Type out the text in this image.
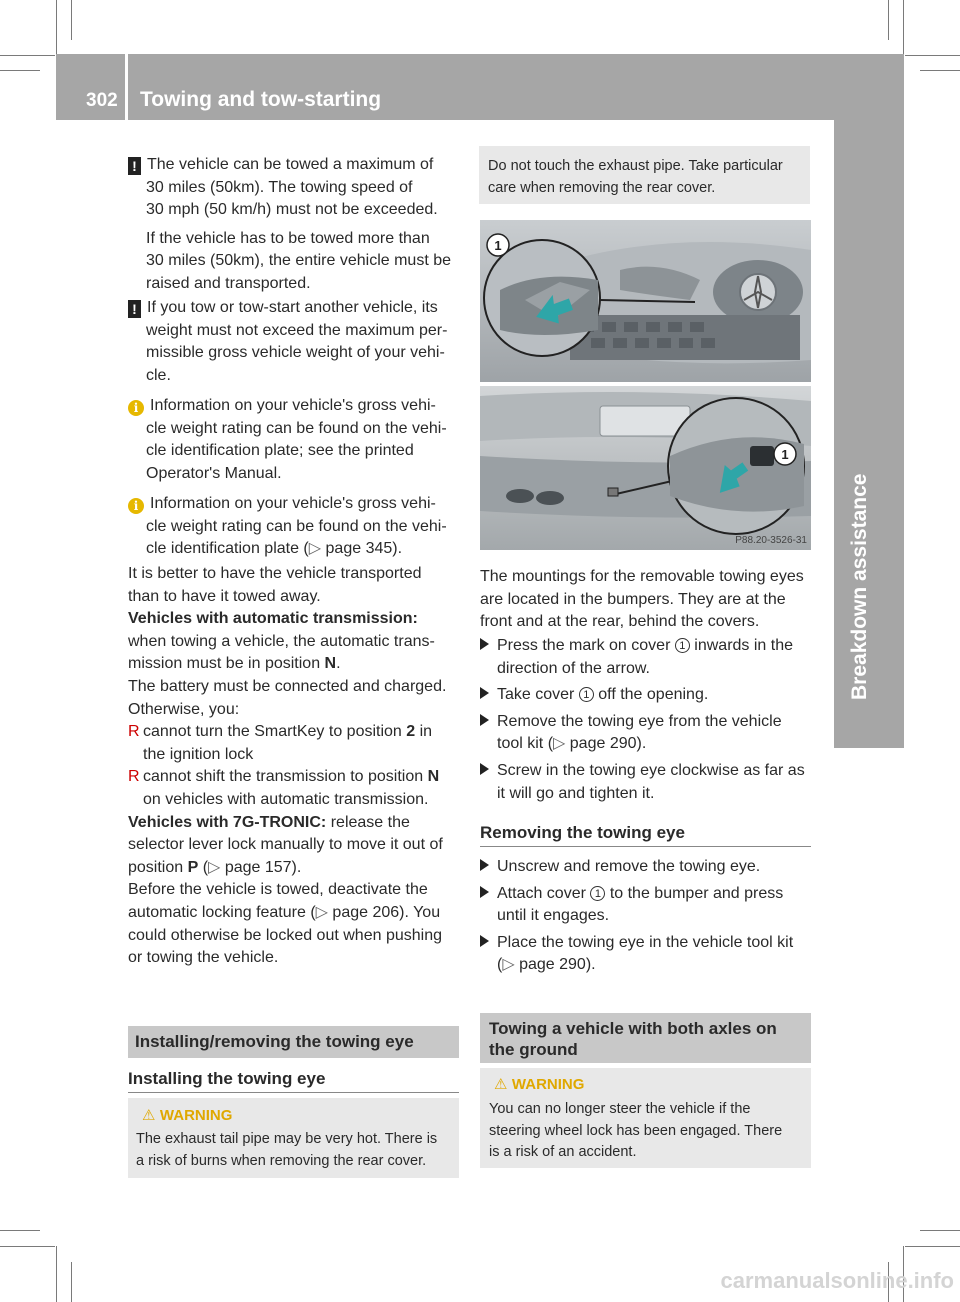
302 Towing and tow-starting
Breakdown assistance
! The vehicle can be towed a maximum of
30 miles (50km). The towing speed of
30 mph (50 km/h) must not be exceeded.
If the vehicle has to be towed more than
30 miles (50km), the entire vehicle must be
raised and transported.
! If you tow or tow-start another vehicle, its
weight must not exceed the maximum per-
missible gross vehicle weight of your vehi-
cle.
i Information on your vehicle's gross vehi-
cle weight rating can be found on the vehi-
cle identification plate; see the printed
Operator's Manual.
i Information on your vehicle's gross vehi-
cle weight rating can be found on the vehi-
cle identification plate (▷ page 345).
It is better to have the vehicle transported
than to have it towed away.
Vehicles with automatic transmission:
when towing a vehicle, the automatic trans-
mission must be in position N.
The battery must be connected and charged.
Otherwise, you:
R cannot turn the SmartKey to position 2 in
the ignition lock
R cannot shift the transmission to position N
on vehicles with automatic transmission.
Vehicles with 7G-TRONIC: release the
selector lever lock manually to move it out of
position P (▷ page 157).
Before the vehicle is towed, deactivate the
automatic locking feature (▷ page 206). You
could otherwise be locked out when pushing
or towing the vehicle.
Installing/removing the towing eye
Installing the towing eye
⚠ WARNING
The exhaust tail pipe may be very hot. There is
a risk of burns when removing the rear cover.
Do not touch the exhaust pipe. Take particular
care when removing the rear cover.
1
1
P88.20-3526-31
The mountings for the removable towing eyes
are located in the bumpers. They are at the
front and at the rear, behind the covers.
Press the mark on cover 1 inwards in the
direction of the arrow.
Take cover 1 off the opening.
Remove the towing eye from the vehicle
tool kit (▷ page 290).
Screw in the towing eye clockwise as far as
it will go and tighten it.
Removing the towing eye
Unscrew and remove the towing eye.
Attach cover 1 to the bumper and press
until it engages.
Place the towing eye in the vehicle tool kit
(▷ page 290).
Towing a vehicle with both axles on
the ground
⚠ WARNING
You can no longer steer the vehicle if the
steering wheel lock has been engaged. There
is a risk of an accident.
carmanualsonline.info
